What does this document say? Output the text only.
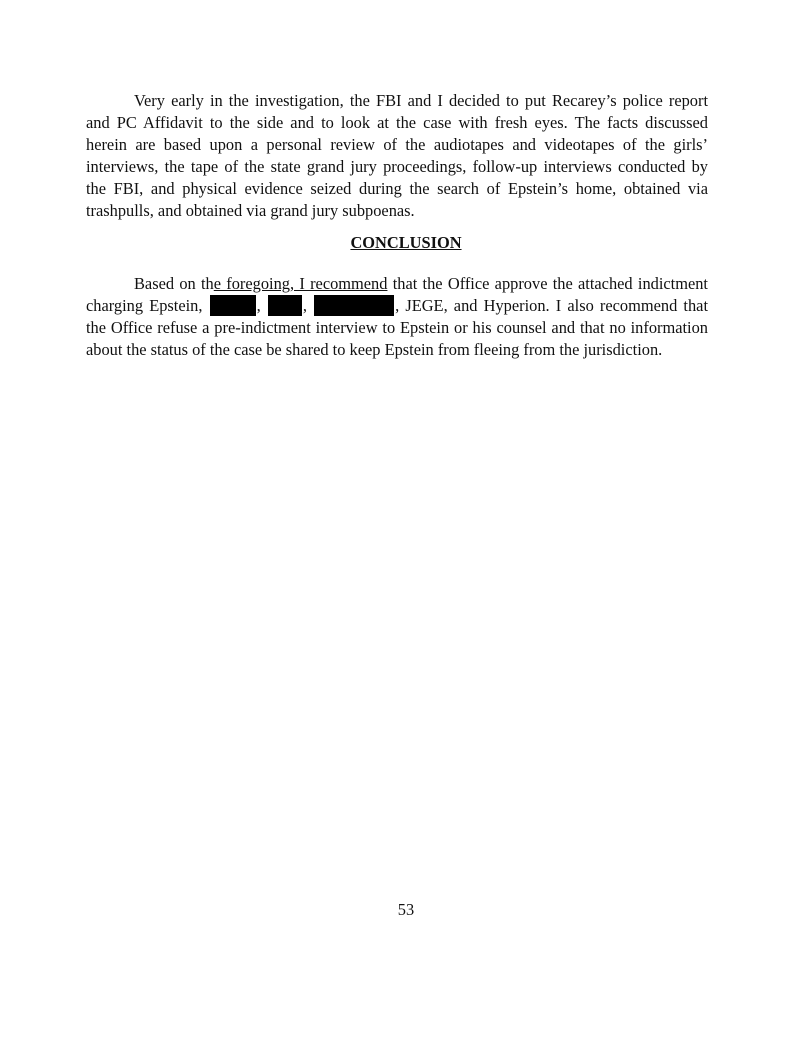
Very early in the investigation, the FBI and I decided to put Recarey’s police report
and PC Affidavit to the side and to look at the case with fresh eyes. The facts discussed
herein are based upon a personal review of the audiotapes and videotapes of the girls’
interviews, the tape of the state grand jury proceedings, follow-up interviews conducted by
the FBI, and physical evidence seized during the search of Epstein’s home, obtained via
trashpulls, and obtained via grand jury subpoenas.

CONCLUSION

Based on the foregoing, I recommend that the Office approve the attached indictment
charging Epstein,	, ,	, JEGE, and Hyperion. I also recommend that
the Office refuse a pre-indictment interview to Epstein or his counsel and that no information
about the status of the case be shared to keep Epstein from fleeing from the jurisdiction.

53
